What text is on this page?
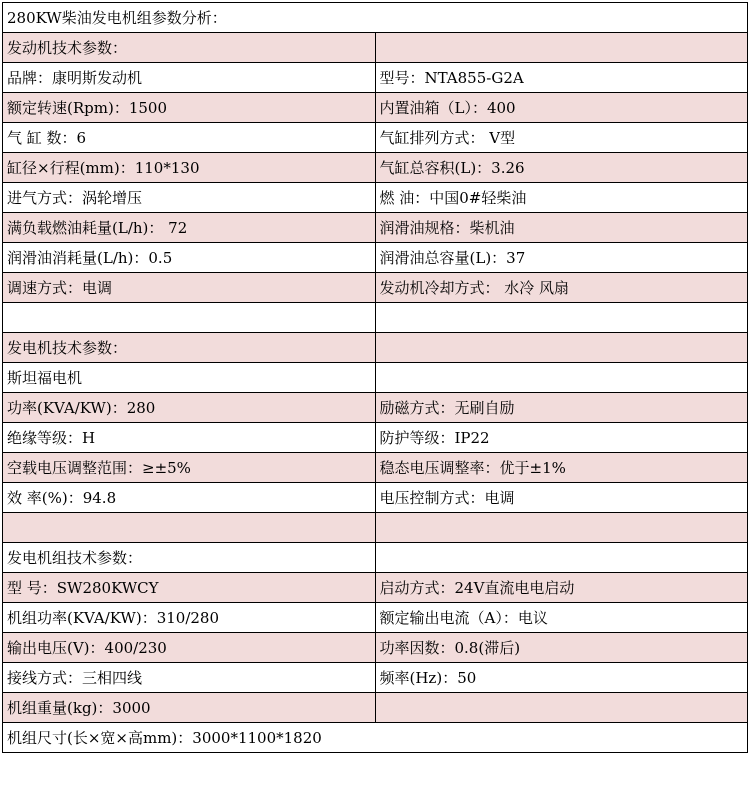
280KW柴油发电机组参数分析：	
发动机技术参数：	
品牌：康明斯发动机	型号：NTA855-G2A
额定转速(Rpm)：1500	内置油箱（L）：400
气 缸 数：6	气缸排列方式： V型
缸径×行程(mm)：110*130	气缸总容积(L)：3.26
进气方式：涡轮增压	燃 油：中国0#轻柴油
满负载燃油耗量(L/h)： 72	润滑油规格：柴机油
润滑油消耗量(L/h)：0.5	润滑油总容量(L)：37
调速方式：电调	发动机冷却方式： 水冷 风扇

发电机技术参数：	
斯坦福电机	
功率(KVA/KW)：280	励磁方式：无刷自励
绝缘等级：H	防护等级：IP22
空载电压调整范围：≥±5%	稳态电压调整率：优于±1%
效 率(%)：94.8	电压控制方式：电调

发电机组技术参数：	
型 号：SW280KWCY	启动方式：24V直流电电启动
机组功率(KVA/KW)：310/280	额定输出电流（A）：电议
输出电压(V)：400/230	功率因数：0.8(滞后)
接线方式：三相四线	频率(Hz)：50
机组重量(kg)：3000	
机组尺寸(长×宽×高mm)：3000*1100*1820	
